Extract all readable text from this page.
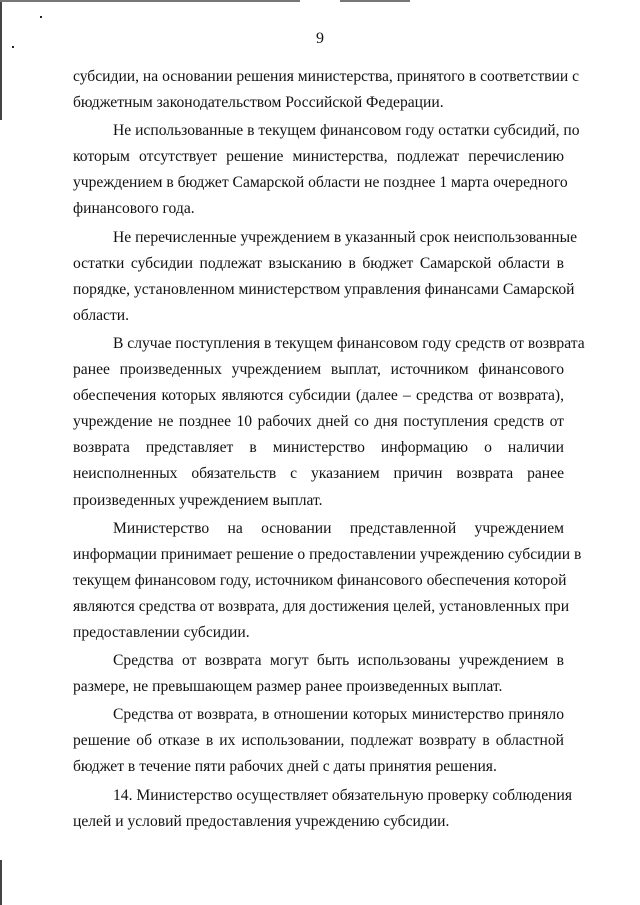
9
субсидии, на основании решения министерства, принятого в соответствии с
бюджетным законодательством Российской Федерации.
Не использованные в текущем финансовом году остатки субсидий, по
которым отсутствует решение министерства, подлежат перечислению
учреждением в бюджет Самарской области не позднее 1 марта очередного
финансового года.
Не перечисленные учреждением в указанный срок неиспользованные
остатки субсидии подлежат взысканию в бюджет Самарской области в
порядке, установленном министерством управления финансами Самарской
области.
В случае поступления в текущем финансовом году средств от возврата
ранее произведенных учреждением выплат, источником финансового
обеспечения которых являются субсидии (далее – средства от возврата),
учреждение не позднее 10 рабочих дней со дня поступления средств от
возврата представляет в министерство информацию о наличии
неисполненных обязательств с указанием причин возврата ранее
произведенных учреждением выплат.
Министерство на основании представленной учреждением
информации принимает решение о предоставлении учреждению субсидии в
текущем финансовом году, источником финансового обеспечения которой
являются средства от возврата, для достижения целей, установленных при
предоставлении субсидии.
Средства от возврата могут быть использованы учреждением в
размере, не превышающем размер ранее произведенных выплат.
Средства от возврата, в отношении которых министерство приняло
решение об отказе в их использовании, подлежат возврату в областной
бюджет в течение пяти рабочих дней с даты принятия решения.
14. Министерство осуществляет обязательную проверку соблюдения
целей и условий предоставления учреждению субсидии.
